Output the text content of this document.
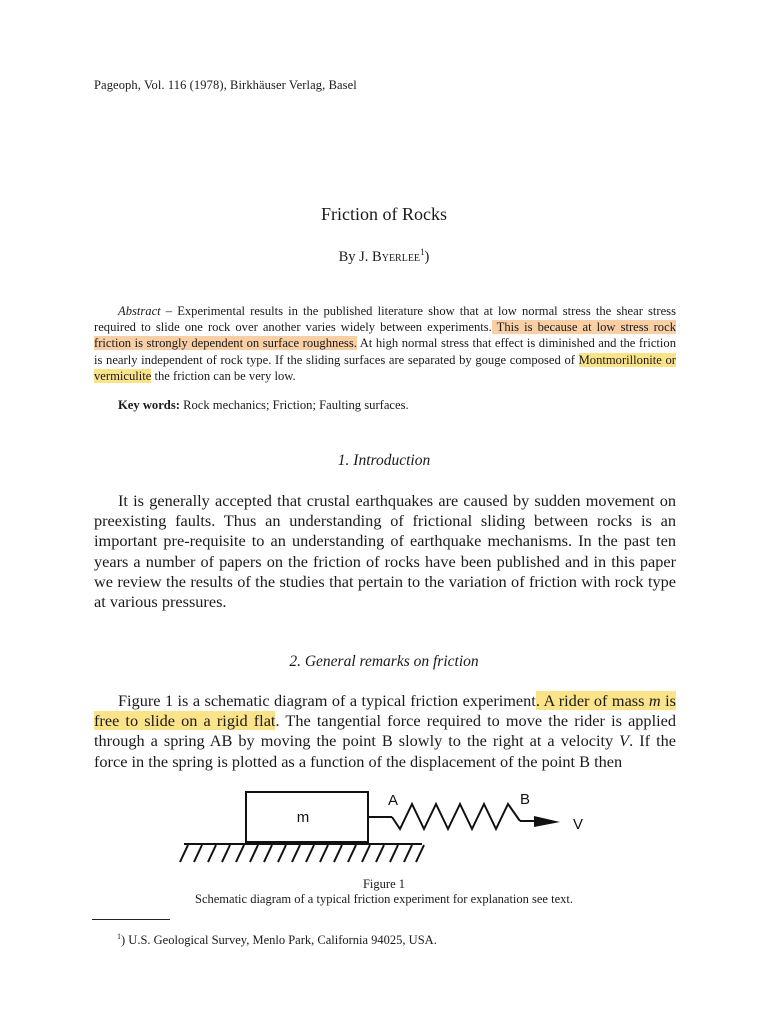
Pageoph, Vol. 116 (1978), Birkhäuser Verlag, Basel
Friction of Rocks
By J. Byerlee$^1$)
Abstract – Experimental results in the published literature show that at low normal stress the shear stress required to slide one rock over another varies widely between experiments. This is because at low stress rock friction is strongly dependent on surface roughness. At high normal stress that effect is diminished and the friction is nearly independent of rock type. If the sliding surfaces are separated by gouge composed of Montmorillonite or vermiculite the friction can be very low.
Key words: Rock mechanics; Friction; Faulting surfaces.
1. Introduction
It is generally accepted that crustal earthquakes are caused by sudden movement on preexisting faults. Thus an understanding of frictional sliding between rocks is an important pre-requisite to an understanding of earthquake mechanisms. In the past ten years a number of papers on the friction of rocks have been published and in this paper we review the results of the studies that pertain to the variation of friction with rock type at various pressures.
2. General remarks on friction
Figure 1 is a schematic diagram of a typical friction experiment. A rider of mass m is free to slide on a rigid flat. The tangential force required to move the rider is applied through a spring AB by moving the point B slowly to the right at a velocity V. If the force in the spring is plotted as a function of the displacement of the point B then
m
A	B
V
Figure 1
Schematic diagram of a typical friction experiment for explanation see text.
$^1$) U.S. Geological Survey, Menlo Park, California 94025, USA.
